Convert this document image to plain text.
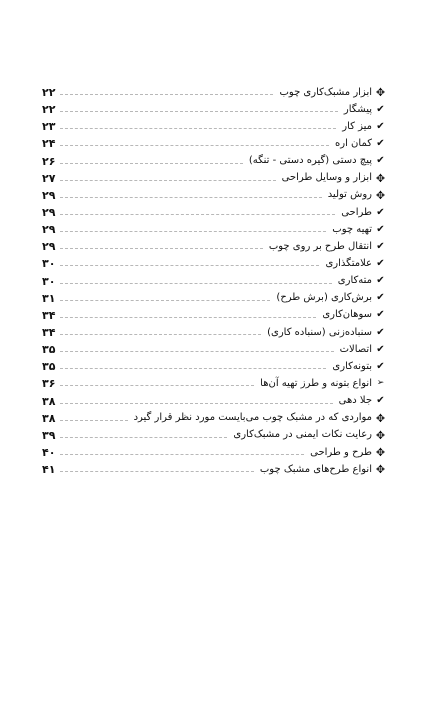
✥
ابزار مشبک‌کاری چوب
۲۲
✔
پیشگار
۲۲
✔
میز کار
۲۳
✔
کمان اره
۲۴
✔
پیچ دستی (گیره دستی - تنگه)
۲۶
✥
ابزار و وسایل طراحی
۲۷
✥
روش تولید
۲۹
✔
طراحی
۲۹
✔
تهیه چوب
۲۹
✔
انتقال طرح بر روی چوب
۲۹
✔
علامتگذاری
۳۰
✔
مته‌کاری
۳۰
✔
برش‌کاری (برش طرح)
۳۱
✔
سوهان‌کاری
۳۴
✔
سنباده‌زنی (سنباده کاری)
۳۴
✔
اتصالات
۳۵
✔
بتونه‌کاری
۳۵
➢
انواع بتونه و طرز تهیه آن‌ها
۳۶
✔
جلا دهی
۳۸
✥
مواردی که در مشبک چوب می‌بایست مورد نظر قرار گیرد
۳۸
✥
رعایت نکات ایمنی در مشبک‌کاری
۳۹
✥
طرح و طراحی
۴۰
✥
انواع طرح‌های مشبک چوب
۴۱
